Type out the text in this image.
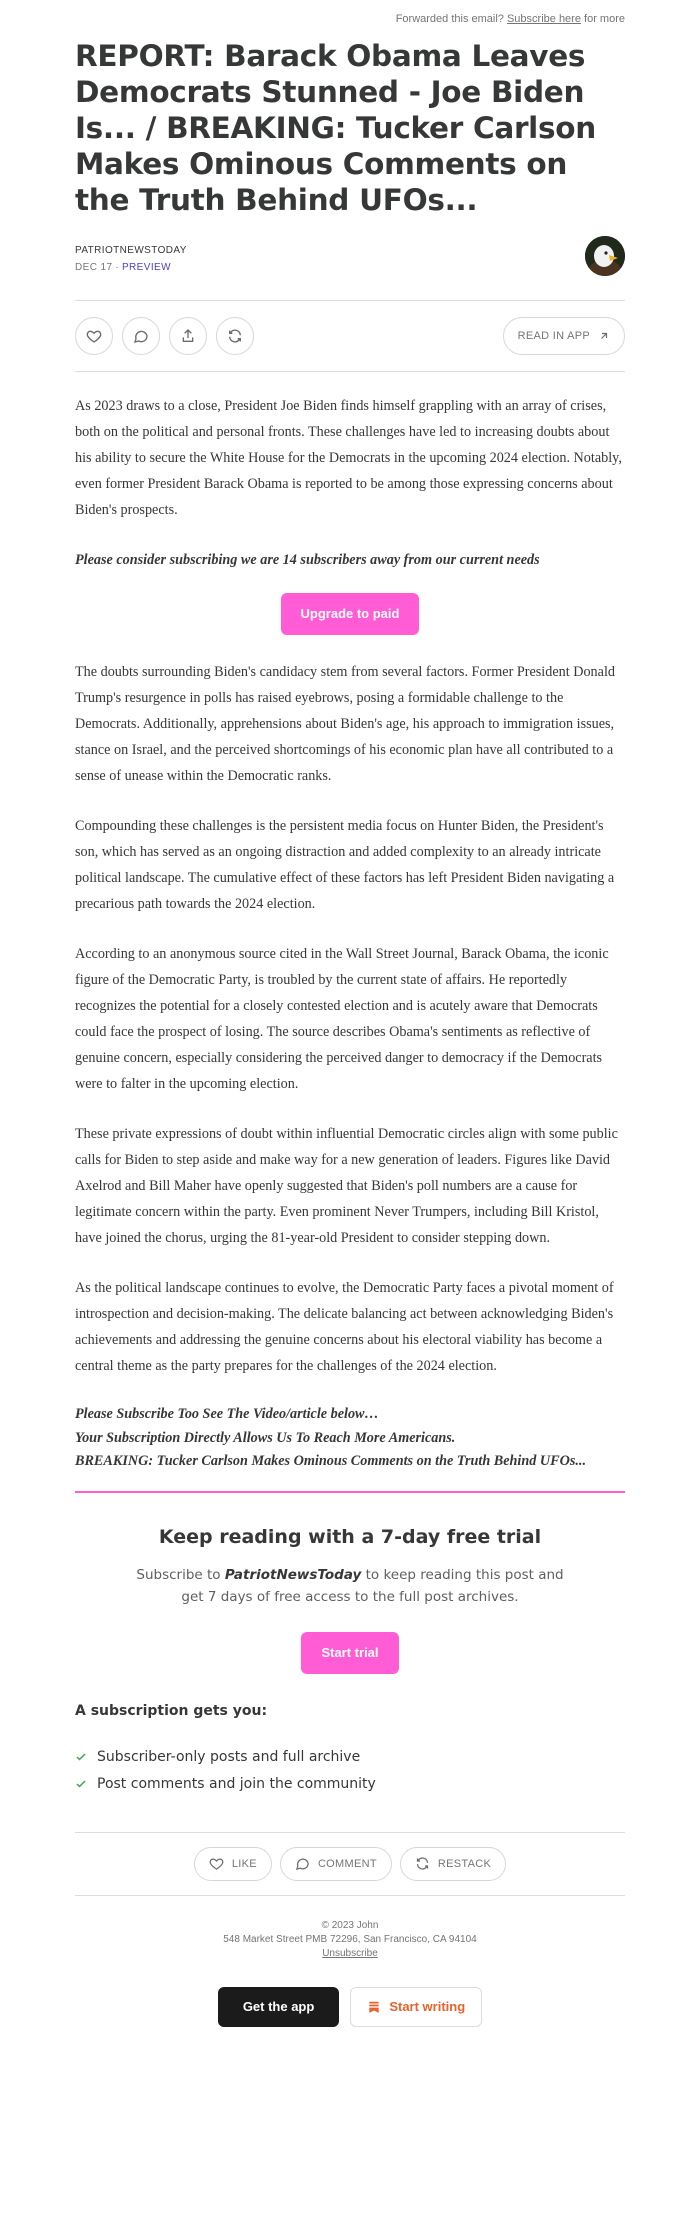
Forwarded this email? Subscribe here for more
REPORT: Barack Obama Leaves Democrats Stunned - Joe Biden Is... / BREAKING: Tucker Carlson Makes Ominous Comments on the Truth Behind UFOs...
PATRIOTNEWSTODAY
DEC 17 ∙ PREVIEW
READ IN APP

As 2023 draws to a close, President Joe Biden finds himself grappling with an array of crises, both on the political and personal fronts. These challenges have led to increasing doubts about his ability to secure the White House for the Democrats in the upcoming 2024 election. Notably, even former President Barack Obama is reported to be among those expressing concerns about Biden's prospects.

Please consider subscribing we are 14 subscribers away from our current needs

Upgrade to paid

The doubts surrounding Biden's candidacy stem from several factors. Former President Donald Trump's resurgence in polls has raised eyebrows, posing a formidable challenge to the Democrats. Additionally, apprehensions about Biden's age, his approach to immigration issues, stance on Israel, and the perceived shortcomings of his economic plan have all contributed to a sense of unease within the Democratic ranks.

Compounding these challenges is the persistent media focus on Hunter Biden, the President's son, which has served as an ongoing distraction and added complexity to an already intricate political landscape. The cumulative effect of these factors has left President Biden navigating a precarious path towards the 2024 election.

According to an anonymous source cited in the Wall Street Journal, Barack Obama, the iconic figure of the Democratic Party, is troubled by the current state of affairs. He reportedly recognizes the potential for a closely contested election and is acutely aware that Democrats could face the prospect of losing. The source describes Obama's sentiments as reflective of genuine concern, especially considering the perceived danger to democracy if the Democrats were to falter in the upcoming election.

These private expressions of doubt within influential Democratic circles align with some public calls for Biden to step aside and make way for a new generation of leaders. Figures like David Axelrod and Bill Maher have openly suggested that Biden's poll numbers are a cause for legitimate concern within the party. Even prominent Never Trumpers, including Bill Kristol, have joined the chorus, urging the 81-year-old President to consider stepping down.

As the political landscape continues to evolve, the Democratic Party faces a pivotal moment of introspection and decision-making. The delicate balancing act between acknowledging Biden's achievements and addressing the genuine concerns about his electoral viability has become a central theme as the party prepares for the challenges of the 2024 election.

Please Subscribe Too See The Video/article below…
Your Subscription Directly Allows Us To Reach More Americans.
BREAKING: Tucker Carlson Makes Ominous Comments on the Truth Behind UFOs...
Keep reading with a 7-day free trial
Subscribe to PatriotNewsToday to keep reading this post and get 7 days of free access to the full post archives.
Start trial
A subscription gets you:
Subscriber-only posts and full archive
Post comments and join the community
LIKE	COMMENT	RESTACK
© 2023 John
548 Market Street PMB 72296, San Francisco, CA 94104
Unsubscribe
Get the app	Start writing
